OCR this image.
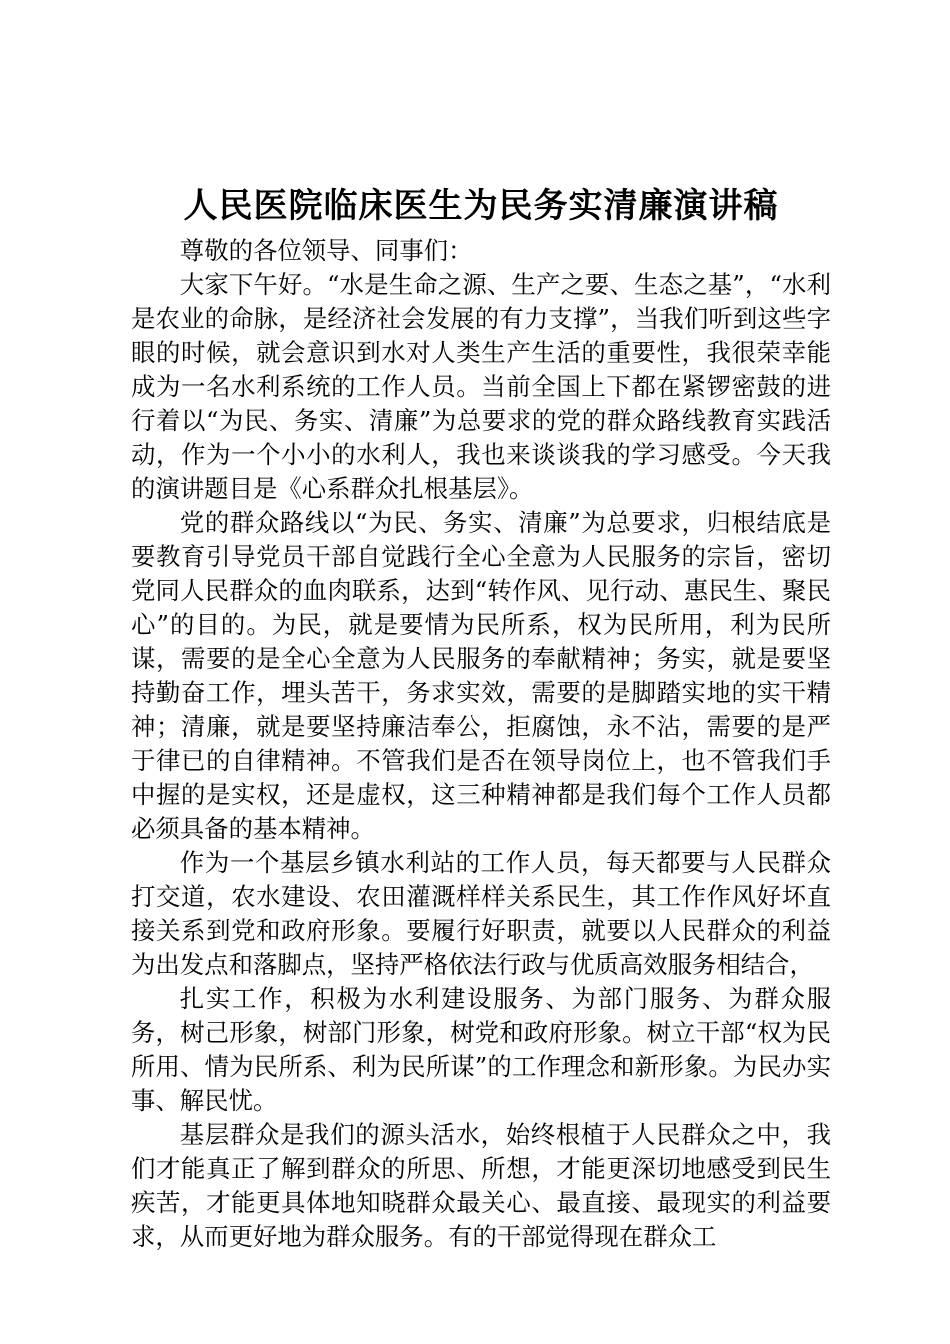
人民医院临床医生为民务实清廉演讲稿

尊敬的各位领导、同事们：

大家下午好。“水是生命之源、生产之要、生态之基”，“水利是农业的命脉，是经济社会发展的有力支撑”，当我们听到这些字眼的时候，就会意识到水对人类生产生活的重要性，我很荣幸能成为一名水利系统的工作人员。当前全国上下都在紧锣密鼓的进行着以“为民、务实、清廉”为总要求的党的群众路线教育实践活动，作为一个小小的水利人，我也来谈谈我的学习感受。今天我的演讲题目是《心系群众扎根基层》。

党的群众路线以“为民、务实、清廉”为总要求，归根结底是要教育引导党员干部自觉践行全心全意为人民服务的宗旨，密切党同人民群众的血肉联系，达到“转作风、见行动、惠民生、聚民心”的目的。为民，就是要情为民所系，权为民所用，利为民所谋，需要的是全心全意为人民服务的奉献精神；务实，就是要坚持勤奋工作，埋头苦干，务求实效，需要的是脚踏实地的实干精神；清廉，就是要坚持廉洁奉公，拒腐蚀，永不沾，需要的是严于律已的自律精神。不管我们是否在领导岗位上，也不管我们手中握的是实权，还是虚权，这三种精神都是我们每个工作人员都必须具备的基本精神。

作为一个基层乡镇水利站的工作人员，每天都要与人民群众打交道，农水建设、农田灌溉样样关系民生，其工作作风好坏直接关系到党和政府形象。要履行好职责，就要以人民群众的利益为出发点和落脚点，坚持严格依法行政与优质高效服务相结合，

扎实工作，积极为水利建设服务、为部门服务、为群众服务，树己形象，树部门形象，树党和政府形象。树立干部“权为民所用、情为民所系、利为民所谋”的工作理念和新形象。为民办实事、解民忧。

基层群众是我们的源头活水，始终根植于人民群众之中，我们才能真正了解到群众的所思、所想，才能更深切地感受到民生疾苦，才能更具体地知晓群众最关心、最直接、最现实的利益要求，从而更好地为群众服务。有的干部觉得现在群众工
